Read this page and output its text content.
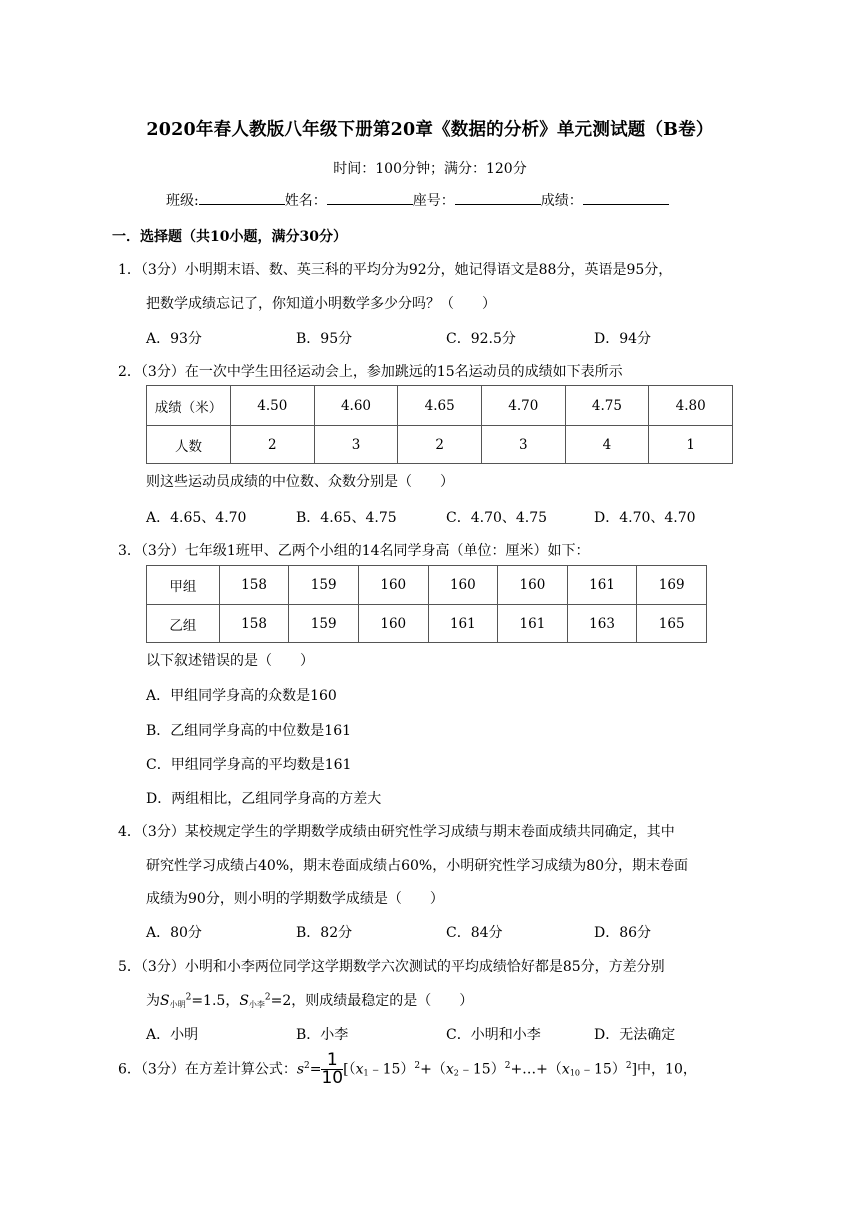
2020年春人教版八年级下册第20章《数据的分析》单元测试题（B卷）
时间：100分钟；满分：120分
班级:	姓名：	座号：	成绩：
一．选择题（共10小题，满分30分）
1．（3分）小明期末语、数、英三科的平均分为92分，她记得语文是88分，英语是95分，
把数学成绩忘记了，你知道小明数学多少分吗？（　　）
A．93分	B．95分	C．92.5分	D．94分
2．（3分）在一次中学生田径运动会上，参加跳远的15名运动员的成绩如下表所示
成绩（米）	4.50	4.60	4.65	4.70	4.75	4.80
人数	2	3	2	3	4	1
则这些运动员成绩的中位数、众数分别是（　　）
A．4.65、4.70	B．4.65、4.75	C．4.70、4.75	D．4.70、4.70
3．（3分）七年级1班甲、乙两个小组的14名同学身高（单位：厘米）如下：
甲组	158	159	160	160	160	161	169
乙组	158	159	160	161	161	163	165
以下叙述错误的是（　　）
A．甲组同学身高的众数是160
B．乙组同学身高的中位数是161
C．甲组同学身高的平均数是161
D．两组相比，乙组同学身高的方差大
4．（3分）某校规定学生的学期数学成绩由研究性学习成绩与期末卷面成绩共同确定，其中
研究性学习成绩占40%，期末卷面成绩占60%，小明研究性学习成绩为80分，期末卷面
成绩为90分，则小明的学期数学成绩是（　　）
A．80分	B．82分	C．84分	D．86分
5．（3分）小明和小李两位同学这学期数学六次测试的平均成绩恰好都是85分，方差分别
为$S_{小明}^2=1.5$，$S_{小李}^2=2$，则成绩最稳定的是（　　）
A．小明	B．小李	C．小明和小李	D．无法确定
6．（3分）在方差计算公式：$s^2= \frac{1}{10}$ $[(x_1﹣15)^2+(x_2﹣15)^2+\dots+(x_{10}﹣15)^2]$中，10，
